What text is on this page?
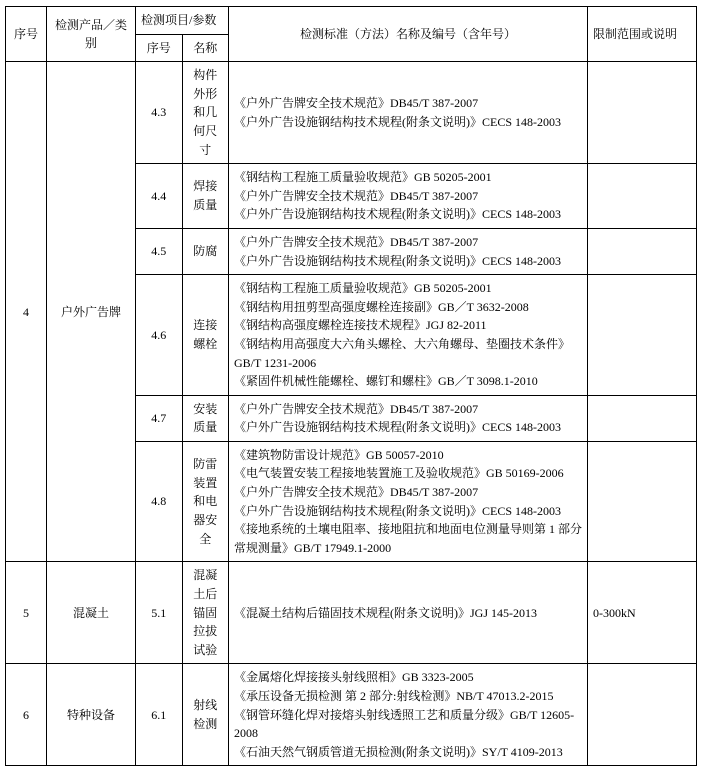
序号	检测产品／类别	检测项目/参数		检测标准（方法）名称及编号（含年号）	限制范围或说明
		序号	名称		
4	户外广告牌	4.3	构件外形和几何尺寸	《户外广告牌安全技术规范》DB45/T 387-2007
《户外广告设施钢结构技术规程(附条文说明)》CECS 148-2003	

		4.4	焊接质量	《钢结构工程施工质量验收规范》GB 50205-2001
《户外广告牌安全技术规范》DB45/T 387-2007
《户外广告设施钢结构技术规程(附条文说明)》CECS 148-2003	

		4.5	防腐	《户外广告牌安全技术规范》DB45/T 387-2007
《户外广告设施钢结构技术规程(附条文说明)》CECS 148-2003	

		4.6	连接螺栓	《钢结构工程施工质量验收规范》GB 50205-2001
《钢结构用扭剪型高强度螺栓连接副》GB／T 3632-2008
《钢结构高强度螺栓连接技术规程》JGJ 82-2011
《钢结构用高强度大六角头螺栓、大六角螺母、垫圈技术条件》GB/T 1231-2006
《紧固件机械性能螺栓、螺钉和螺柱》GB／T 3098.1-2010	

		4.7	安装质量	《户外广告牌安全技术规范》DB45/T 387-2007
《户外广告设施钢结构技术规程(附条文说明)》CECS 148-2003	

		4.8	防雷装置和电器安全	《建筑物防雷设计规范》GB 50057-2010
《电气装置安装工程接地装置施工及验收规范》GB 50169-2006
《户外广告牌安全技术规范》DB45/T 387-2007
《户外广告设施钢结构技术规程(附条文说明)》CECS 148-2003
《接地系统的土壤电阻率、接地阻抗和地面电位测量导则第 1 部分 常规测量》GB/T 17949.1-2000	

5	混凝土	5.1	混凝土后锚固拉拔试验	《混凝土结构后锚固技术规程(附条文说明)》JGJ 145-2013	0-300kN
6	特种设备	6.1	射线检测	《金属熔化焊接接头射线照相》GB 3323-2005
《承压设备无损检测 第 2 部分:射线检测》NB/T 47013.2-2015
《钢管环缝化焊对接熔头射线透照工艺和质量分级》GB/T 12605-2008
《石油天然气钢质管道无损检测(附条文说明)》SY/T 4109-2013	
